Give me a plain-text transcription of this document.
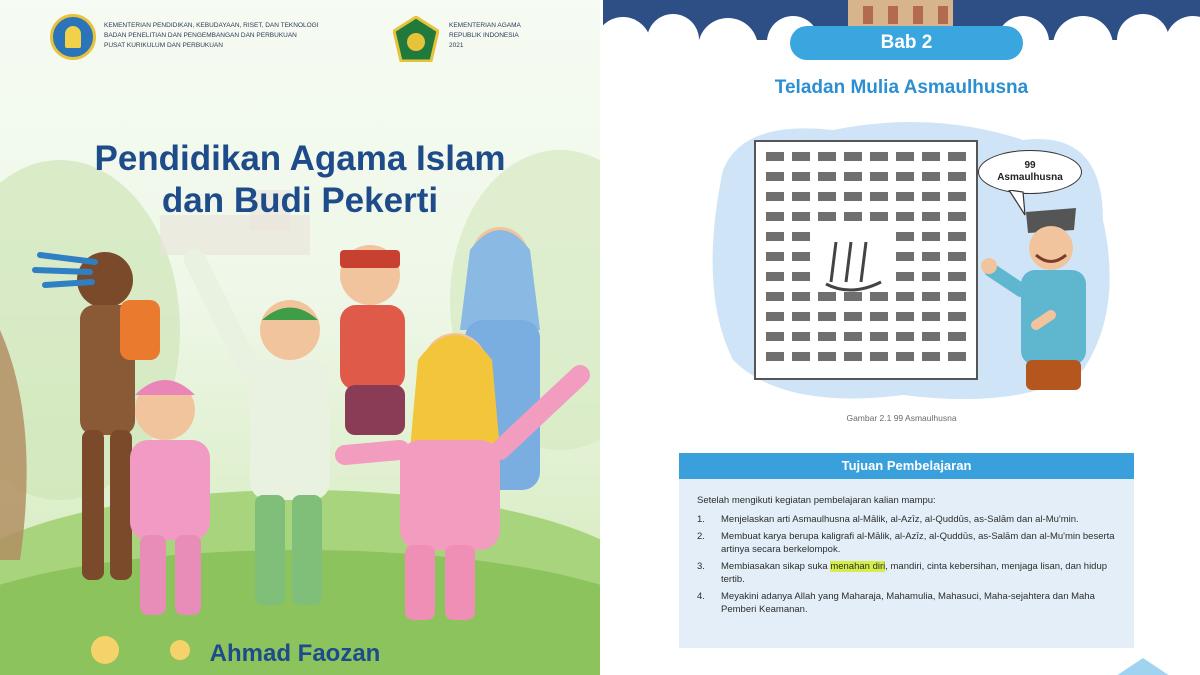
KEMENTERIAN PENDIDIKAN, KEBUDAYAAN, RISET, DAN TEKNOLOGI
BADAN PENELITIAN DAN PENGEMBANGAN DAN PERBUKUAN
PUSAT KURIKULUM DAN PERBUKUAN
KEMENTERIAN AGAMA
REPUBLIK INDONESIA
2021
Pendidikan Agama Islam
dan Budi Pekerti
Ahmad Faozan
Bab 2
Teladan Mulia Asmaulhusna
99
Asmaulhusna
Gambar 2.1 99 Asmaulhusna
Tujuan Pembelajaran
Setelah mengikuti kegiatan pembelajaran kalian mampu:
1. Menjelaskan arti Asmaulhusna al-Mālik, al-Azīz, al-Quddūs, as-Salām dan al-Mu'min.
2. Membuat karya berupa kaligrafi al-Mālik, al-Azīz, al-Quddūs, as-Salām dan al-Mu'min beserta artinya secara berkelompok.
3. Membiasakan sikap suka menahan diri, mandiri, cinta kebersihan, menjaga lisan, dan hidup tertib.
4. Meyakini adanya Allah yang Maharaja, Mahamulia, Mahasuci, Maha-sejahtera dan Maha Pemberi Keamanan.
